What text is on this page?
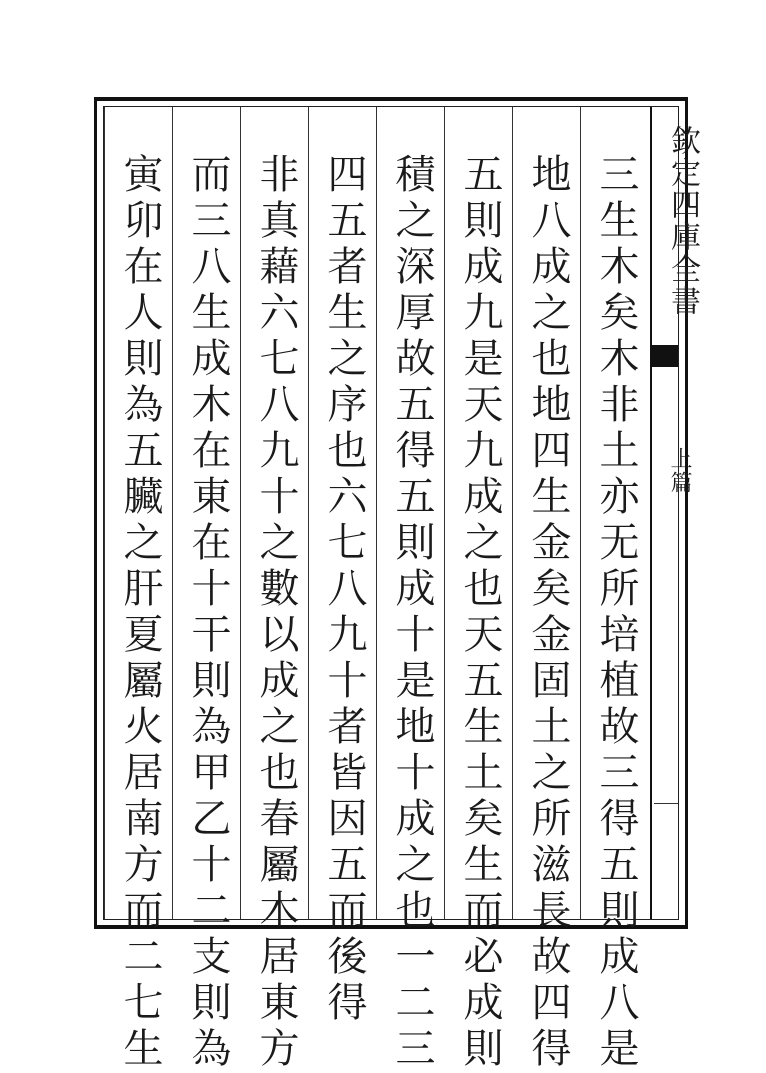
三生木矣木非土亦无所培植故三得五則成八是
地八成之也地四生金矣金固土之所滋長故四得
五則成九是天九成之也天五生土矣生而必成則
積之深厚故五得五則成十是地十成之也一二三
四五者生之序也六七八九十者皆因五而後得
非真藉六七八九十之數以成之也春屬木居東方
而三八生成木在東在十干則為甲乙十二支則為
寅卯在人則為五臟之肝夏屬火居南方而二七生	欽定四庫全書
上篇
